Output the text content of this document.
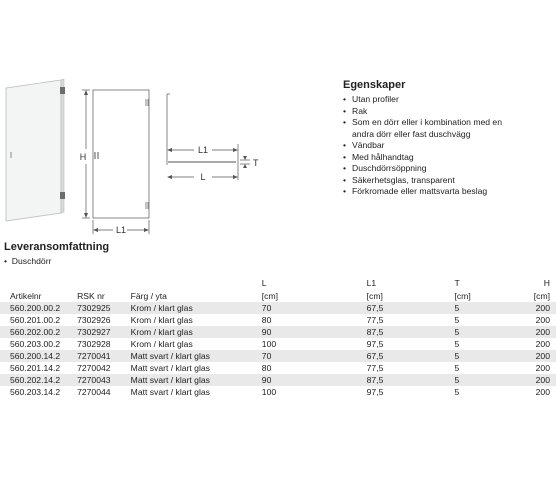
H
L1
L1
L
T
Egenskaper
• Utan profiler
• Rak
• Som en dörr eller i kombination med en
andra dörr eller fast duschvägg
• Vändbar
• Med hålhandtag
• Duschdörrsöppning
• Säkerhetsglas, transparent
• Förkromade eller mattsvarta beslag
Leveransomfattning
•  Duschdörr
			L	L1	T	H
Artikelnr	RSK nr	Färg / yta	[cm]	[cm]	[cm]	[cm]
560.200.00.2	7302925	Krom / klart glas	70	67,5	5	200
560.201.00.2	7302926	Krom / klart glas	80	77,5	5	200
560.202.00.2	7302927	Krom / klart glas	90	87,5	5	200
560.203.00.2	7302928	Krom / klart glas	100	97,5	5	200
560.200.14.2	7270041	Matt svart / klart glas	70	67,5	5	200
560.201.14.2	7270042	Matt svart / klart glas	80	77,5	5	200
560.202.14.2	7270043	Matt svart / klart glas	90	87,5	5	200
560.203.14.2	7270044	Matt svart / klart glas	100	97,5	5	200
